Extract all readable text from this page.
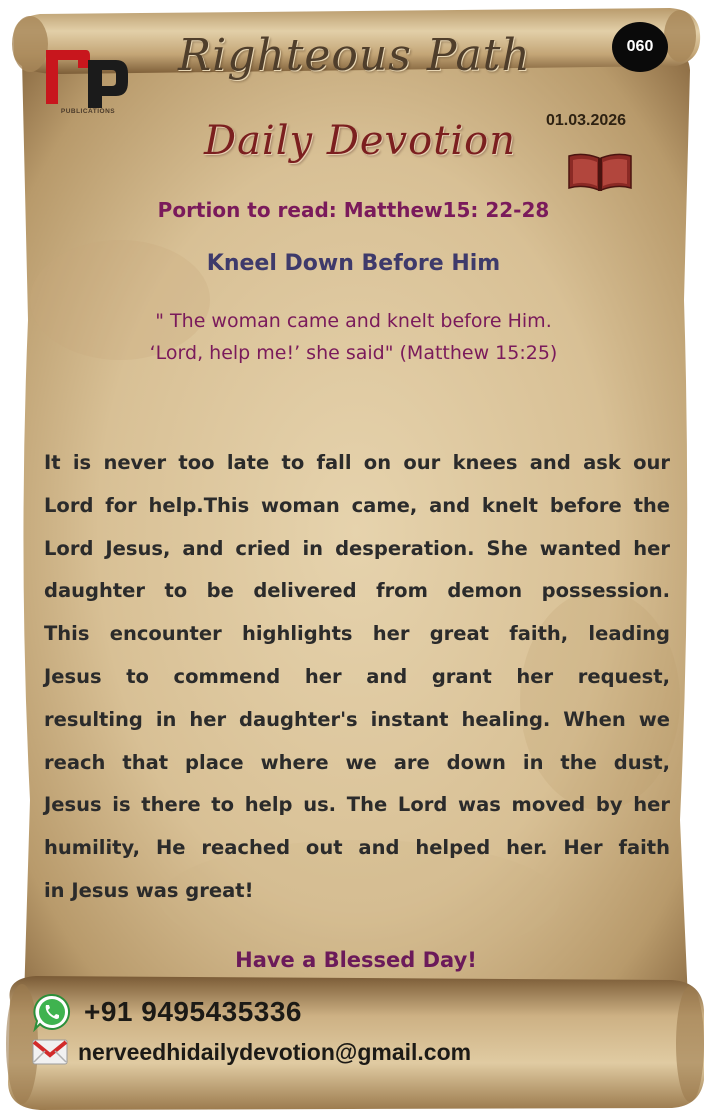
PUBLICATIONS
Righteous Path	060
01.03.2026
Daily Devotion
Portion to read: Matthew15: 22-28
Kneel Down Before Him
" The woman came and knelt before Him.
‘Lord, help me!’ she said" (Matthew 15:25)
It is never too late to fall on our knees and ask our
Lord for help.This woman came, and knelt before the
Lord Jesus, and cried in desperation. She wanted her
daughter to be delivered from demon possession.
This encounter highlights her great faith, leading
Jesus to commend her and grant her request,
resulting in her daughter's instant healing. When we
reach that place where we are down in the dust,
Jesus is there to help us. The Lord was moved by her
humility, He reached out and helped her. Her faith
in Jesus was great!
Have a Blessed Day!
+91 9495435336
nerveedhidailydevotion@gmail.com
